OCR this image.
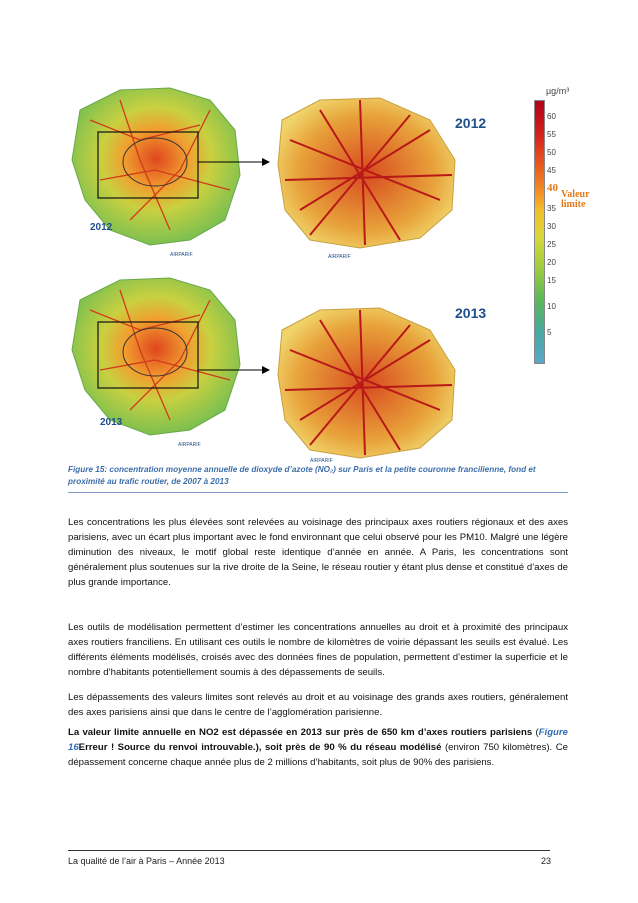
2012
AIRPARIF
2012
AIRPARIF
2013
AIRPARIF
2013
AIRPARIF
µg/m³
60
55
50
45
40
Valeur
limite
35
30
25
20
15
10
5
Figure 15: concentration moyenne annuelle de dioxyde d’azote (NO₂) sur Paris et la petite couronne francilienne, fond et proximité au trafic routier, de 2007 à 2013

Les concentrations les plus élevées sont relevées au voisinage des principaux axes routiers régionaux et des axes parisiens, avec un écart plus important avec le fond environnant que celui observé pour les PM10. Malgré une légère diminution des niveaux, le motif global reste identique d’année en année. A Paris, les concentrations sont généralement plus soutenues sur la rive droite de la Seine, le réseau routier y étant plus dense et constitué d’axes de plus grande importance.

Les outils de modélisation permettent d’estimer les concentrations annuelles au droit et à proximité des principaux axes routiers franciliens. En utilisant ces outils le nombre de kilomètres de voirie dépassant les seuils est évalué. Les différents éléments modélisés, croisés avec des données fines de population, permettent d’estimer la superficie et le nombre d’habitants potentiellement soumis à des dépassements de seuils.

Les dépassements des valeurs limites sont relevés au droit et au voisinage des grands axes routiers, généralement des axes parisiens ainsi que dans le centre de l’agglomération parisienne.

La valeur limite annuelle en NO2 est dépassée en 2013 sur près de 650 km d’axes routiers parisiens (Figure 16Erreur ! Source du renvoi introuvable.), soit près de 90 % du réseau modélisé (environ 750 kilomètres). Ce dépassement concerne chaque année plus de 2 millions d’habitants, soit plus de 90% des parisiens.

La qualité de l’air à Paris – Année 2013	23
